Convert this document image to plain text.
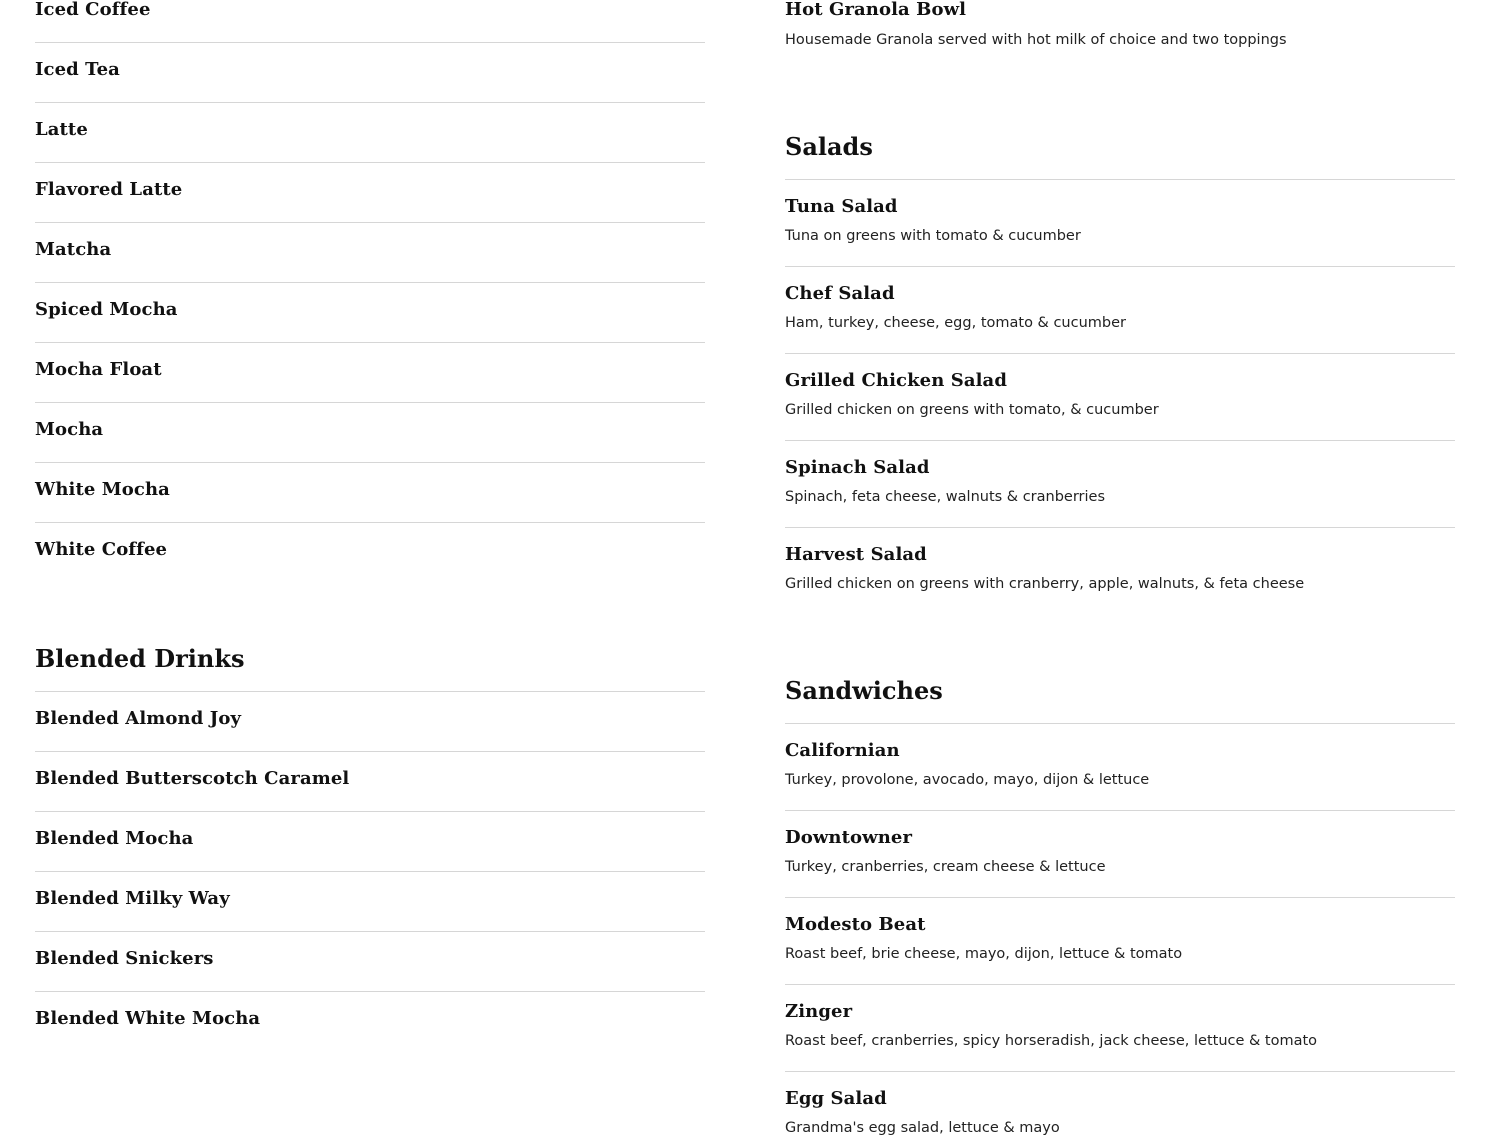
Iced Coffee
Iced Tea
Latte
Flavored Latte
Matcha
Spiced Mocha
Mocha Float
Mocha
White Mocha
White Coffee
Blended Drinks
Blended Almond Joy
Blended Butterscotch Caramel
Blended Mocha
Blended Milky Way
Blended Snickers
Blended White Mocha
Hot Granola Bowl
Housemade Granola served with hot milk of choice and two toppings
Salads
Tuna Salad
Tuna on greens with tomato & cucumber
Chef Salad
Ham, turkey, cheese, egg, tomato & cucumber
Grilled Chicken Salad
Grilled chicken on greens with tomato, & cucumber
Spinach Salad
Spinach, feta cheese, walnuts & cranberries
Harvest Salad
Grilled chicken on greens with cranberry, apple, walnuts, & feta cheese
Sandwiches
Californian
Turkey, provolone, avocado, mayo, dijon & lettuce
Downtowner
Turkey, cranberries, cream cheese & lettuce
Modesto Beat
Roast beef, brie cheese, mayo, dijon, lettuce & tomato
Zinger
Roast beef, cranberries, spicy horseradish, jack cheese, lettuce & tomato
Egg Salad
Grandma's egg salad, lettuce & mayo
